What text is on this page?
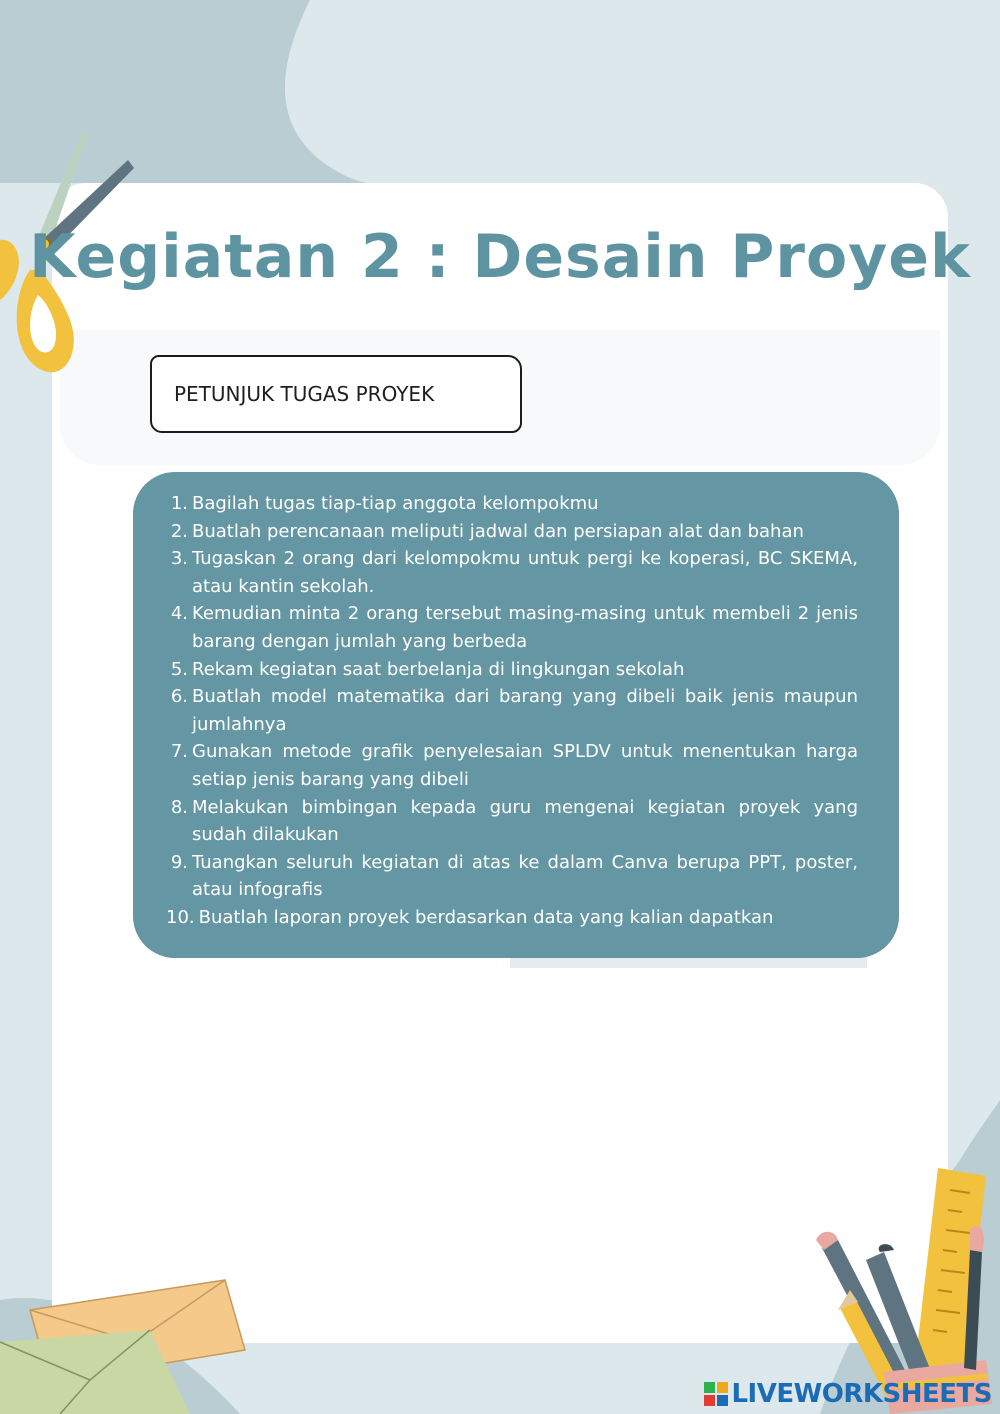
Kegiatan 2 : Desain Proyek
PETUNJUK TUGAS PROYEK
1. Bagilah tugas tiap-tiap anggota kelompokmu
2. Buatlah perencanaan meliputi jadwal dan persiapan alat dan bahan
3. Tugaskan 2 orang dari kelompokmu untuk pergi ke koperasi, BC SKEMA, atau kantin sekolah.
4. Kemudian minta 2 orang tersebut masing-masing untuk membeli 2 jenis barang dengan jumlah yang berbeda
5. Rekam kegiatan saat berbelanja di lingkungan sekolah
6. Buatlah model matematika dari barang yang dibeli baik jenis maupun jumlahnya
7. Gunakan metode grafik penyelesaian SPLDV untuk menentukan harga setiap jenis barang yang dibeli
8. Melakukan bimbingan kepada guru mengenai kegiatan proyek yang sudah dilakukan
9. Tuangkan seluruh kegiatan di atas ke dalam Canva berupa PPT, poster, atau infografis
10. Buatlah laporan proyek berdasarkan data yang kalian dapatkan
LIVEWORKSHEETS
